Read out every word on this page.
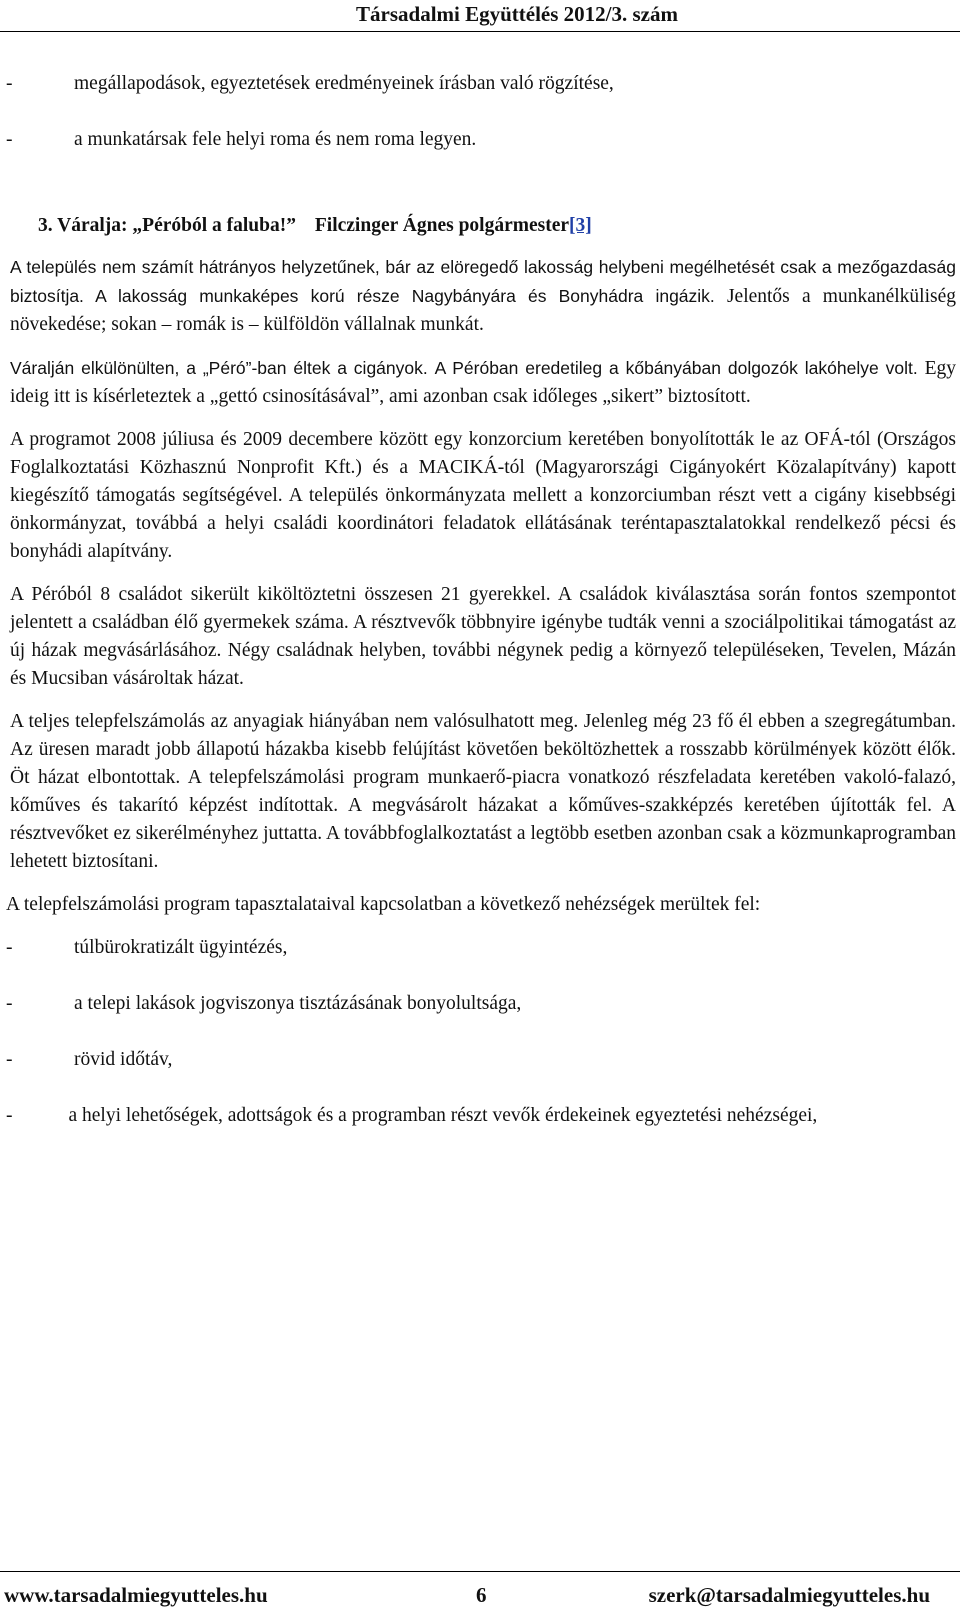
Társadalmi Együttélés 2012/3. szám
-	megállapodások, egyeztetések eredményeinek írásban való rögzítése,
-	a munkatársak fele helyi roma és nem roma legyen.
3. Váralja: „Péróból a faluba!” Filczinger Ágnes polgármester[3]

A település nem számít hátrányos helyzetűnek, bár az elöregedő lakosság helybeni megélhetését csak a mezőgazdaság biztosítja. A lakosság munkaképes korú része Nagybányára és Bonyhádra ingázik. Jelentős a munkanélküliség növekedése; sokan – romák is – külföldön vállalnak munkát.

Váralján elkülönülten, a „Péró”-ban éltek a cigányok. A Péróban eredetileg a kőbányában dolgozók lakóhelye volt. Egy ideig itt is kísérleteztek a „gettó csinosításával”, ami azonban csak időleges „sikert” biztosított.

A programot 2008 júliusa és 2009 decembere között egy konzorcium keretében bonyolították le az OFÁ-tól (Országos Foglalkoztatási Közhasznú Nonprofit Kft.) és a MACIKÁ-tól (Magyarországi Cigányokért Közalapítvány) kapott kiegészítő támogatás segítségével. A település önkormányzata mellett a konzorciumban részt vett a cigány kisebbségi önkormányzat, továbbá a helyi családi koordinátori feladatok ellátásának teréntapasztalatokkal rendelkező pécsi és bonyhádi alapítvány.

A Péróból 8 családot sikerült kiköltöztetni összesen 21 gyerekkel. A családok kiválasztása során fontos szempontot jelentett a családban élő gyermekek száma. A résztvevők többnyire igénybe tudták venni a szociálpolitikai támogatást az új házak megvásárlásához. Négy családnak helyben, további négynek pedig a környező településeken, Tevelen, Mázán és Mucsiban vásároltak házat.

A teljes telepfelszámolás az anyagiak hiányában nem valósulhatott meg. Jelenleg még 23 fő él ebben a szegregátumban. Az üresen maradt jobb állapotú házakba kisebb felújítást követően beköltözhettek a rosszabb körülmények között élők. Öt házat elbontottak. A telepfelszámolási program munkaerő-piacra vonatkozó részfeladata keretében vakoló-falazó, kőműves és takarító képzést indítottak. A megvásárolt házakat a kőműves-szakképzés keretében újították fel. A résztvevőket ez sikerélményhez juttatta. A továbbfoglalkoztatást a legtöbb esetben azonban csak a közmunkaprogramban lehetett biztosítani.

A telepfelszámolási program tapasztalataival kapcsolatban a következő nehézségek merültek fel:

-	túlbürokratizált ügyintézés,
-	a telepi lakások jogviszonya tisztázásának bonyolultsága,
-	rövid időtáv,

-	a helyi lehetőségek, adottságok és a programban részt vevők érdekeinek egyeztetési nehézségei,

www.tarsadalmiegyutteles.hu	6	szerk@tarsadalmiegyutteles.hu
